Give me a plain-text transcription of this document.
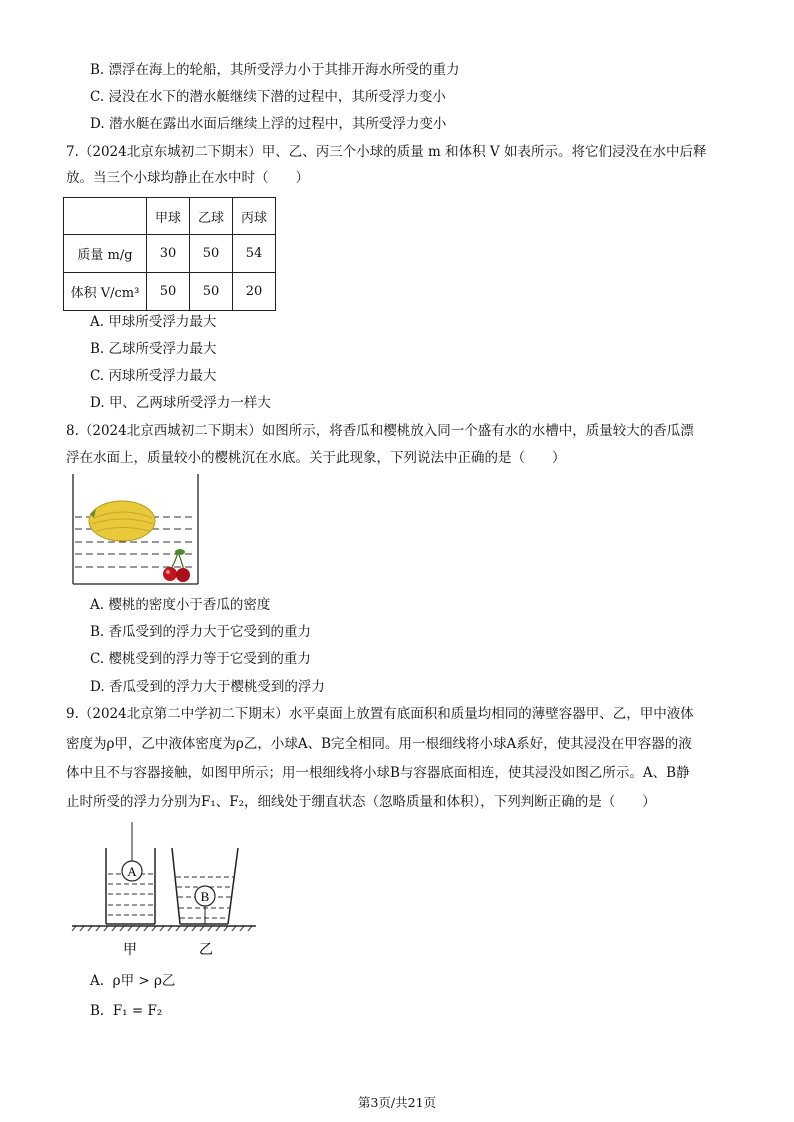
B. 漂浮在海上的轮船，其所受浮力小于其排开海水所受的重力
C. 浸没在水下的潜水艇继续下潜的过程中，其所受浮力变小
D. 潜水艇在露出水面后继续上浮的过程中，其所受浮力变小
7.（2024北京东城初二下期末）甲、乙、丙三个小球的质量 m 和体积 V 如表所示。将它们浸没在水中后释
放。当三个小球均静止在水中时（　　）
	甲球	乙球	丙球
质量 m/g	30	50	54
体积 V/cm³	50	50	20
A. 甲球所受浮力最大
B. 乙球所受浮力最大
C. 丙球所受浮力最大
D. 甲、乙两球所受浮力一样大
8.（2024北京西城初二下期末）如图所示，将香瓜和樱桃放入同一个盛有水的水槽中，质量较大的香瓜漂
浮在水面上，质量较小的樱桃沉在水底。关于此现象，下列说法中正确的是（　　）
A. 樱桃的密度小于香瓜的密度
B. 香瓜受到的浮力大于它受到的重力
C. 樱桃受到的浮力等于它受到的重力
D. 香瓜受到的浮力大于樱桃受到的浮力
9.（2024北京第二中学初二下期末）水平桌面上放置有底面积和质量均相同的薄壁容器甲、乙，甲中液体
密度为ρ甲，乙中液体密度为ρ乙，小球A、B完全相同。用一根细线将小球A系好，使其浸没在甲容器的液
体中且不与容器接触，如图甲所示；用一根细线将小球B与容器底面相连，使其浸没如图乙所示。A、B静
止时所受的浮力分别为F₁、F₂，细线处于绷直状态（忽略质量和体积），下列判断正确的是（　　）
A
B
甲	乙
A. ρ甲 > ρ乙
B. F₁ = F₂
第3页/共21页
